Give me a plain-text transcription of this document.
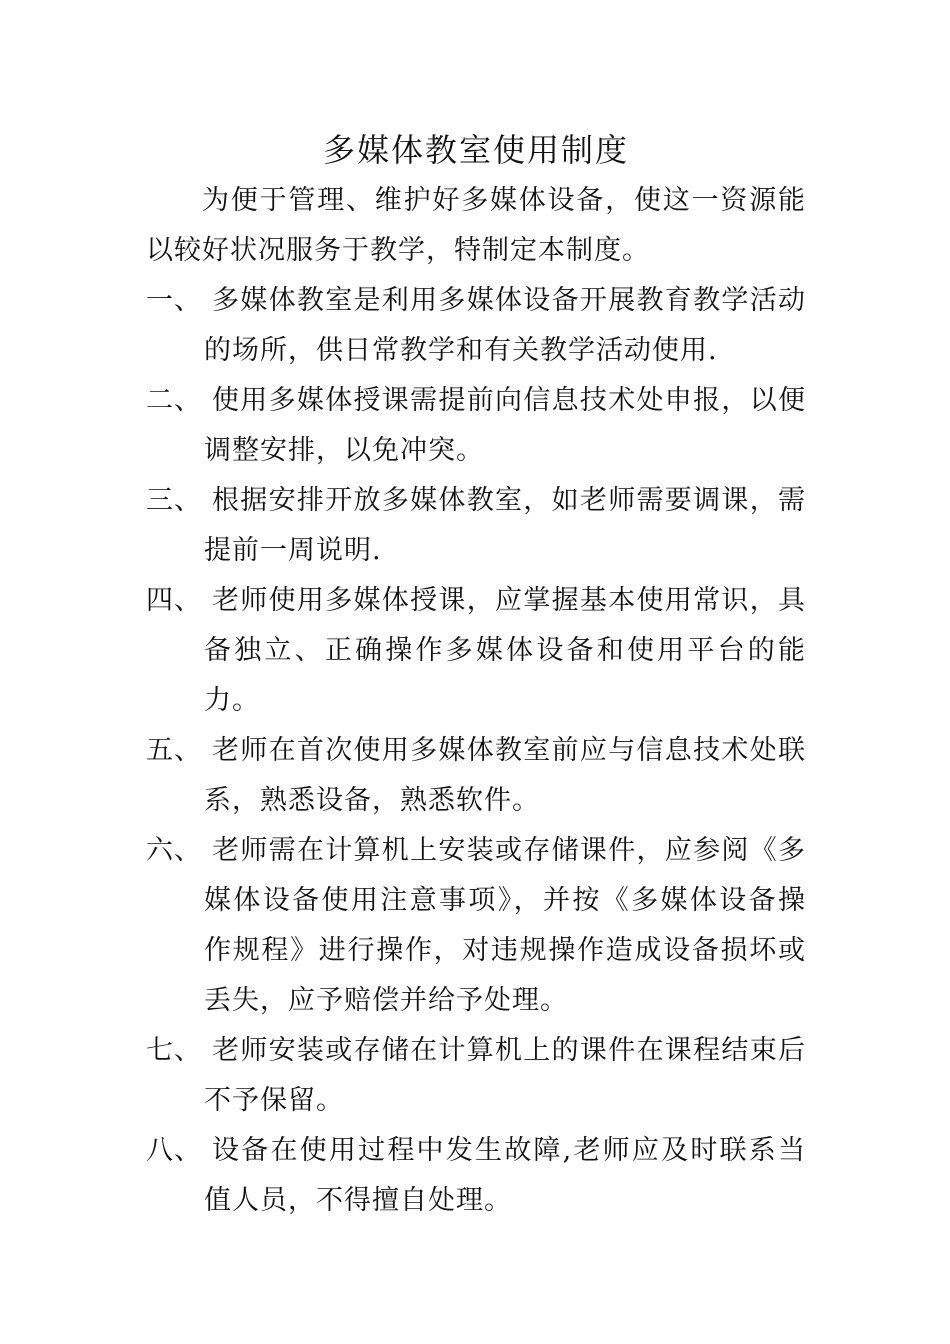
多媒体教室使用制度
为便于管理、维护好多媒体设备，使这一资源能以较好状况服务于教学，特制定本制度。
一、 多媒体教室是利用多媒体设备开展教育教学活动的场所，供日常教学和有关教学活动使用.
二、 使用多媒体授课需提前向信息技术处申报，以便调整安排，以免冲突。
三、 根据安排开放多媒体教室，如老师需要调课，需提前一周说明.
四、 老师使用多媒体授课，应掌握基本使用常识，具备独立、正确操作多媒体设备和使用平台的能力。
五、 老师在首次使用多媒体教室前应与信息技术处联系，熟悉设备，熟悉软件。
六、 老师需在计算机上安装或存储课件，应参阅《多媒体设备使用注意事项》，并按《多媒体设备操作规程》进行操作，对违规操作造成设备损坏或丢失，应予赔偿并给予处理。
七、 老师安装或存储在计算机上的课件在课程结束后不予保留。
八、 设备在使用过程中发生故障,老师应及时联系当值人员，不得擅自处理。
